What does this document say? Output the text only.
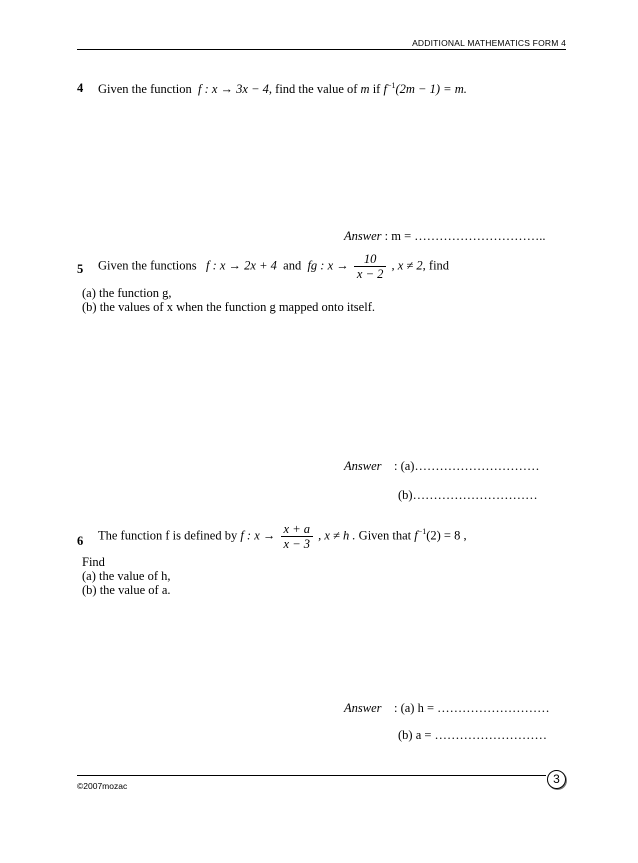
ADDITIONAL MATHEMATICS FORM 4
4 Given the function f : x → 3x − 4, find the value of m if $f^{-1}(2m - 1) = m$.
Answer : m = …………………………..
5 Given the functions f : x → 2x + 4 and fg : $x \to \frac{10}{x - 2}$ , x ≠ 2, find
(a) the function g,
(b) the values of x when the function g mapped onto itself.
Answer : (a)…………………………
(b)…………………………
6 The function f is defined by f : $x \to \frac{x + a}{x - 3}$ , x ≠ h . Given that $f^{-1}(2) = 8$ ,
Find
(a) the value of h,
(b) the value of a.
Answer : (a) h = ………………………
(b) a = ………………………
©2007mozac	3
